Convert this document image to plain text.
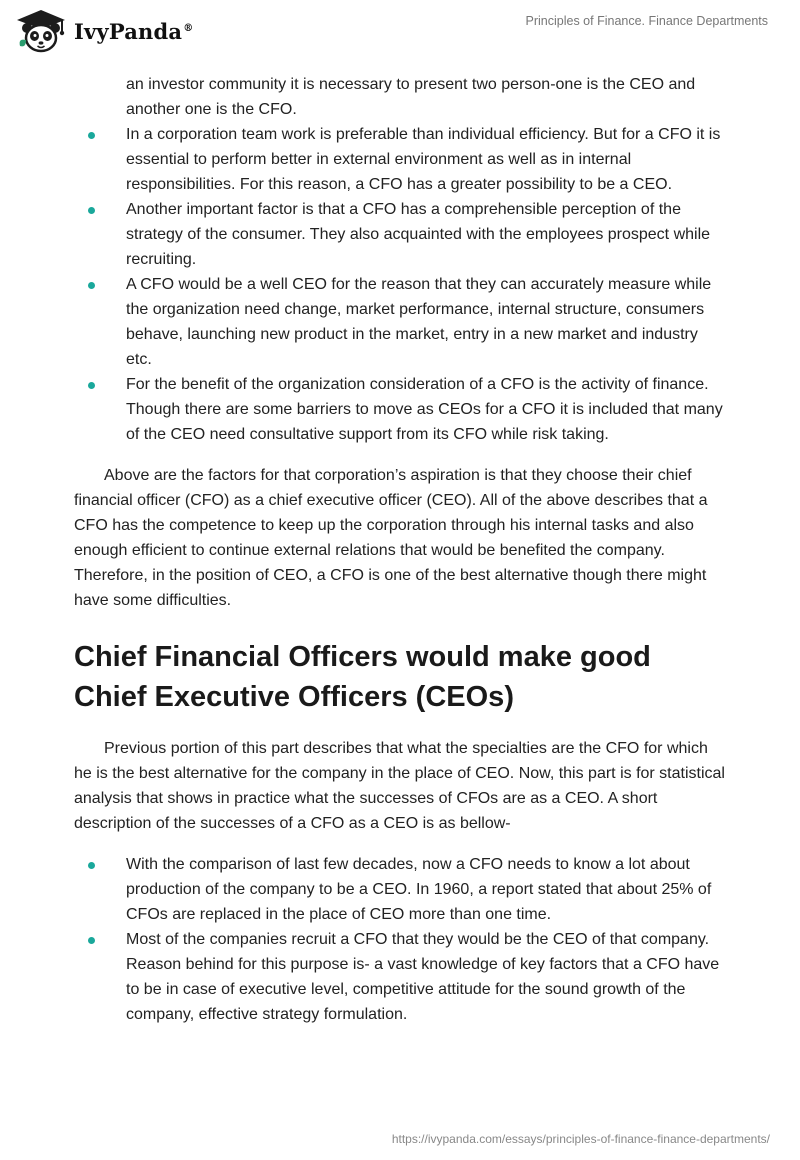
IvyPanda®	Principles of Finance. Finance Departments
an investor community it is necessary to present two person-one is the CEO and another one is the CFO.
In a corporation team work is preferable than individual efficiency. But for a CFO it is essential to perform better in external environment as well as in internal responsibilities. For this reason, a CFO has a greater possibility to be a CEO.
Another important factor is that a CFO has a comprehensible perception of the strategy of the consumer. They also acquainted with the employees prospect while recruiting.
A CFO would be a well CEO for the reason that they can accurately measure while the organization need change, market performance, internal structure, consumers behave, launching new product in the market, entry in a new market and industry etc.
For the benefit of the organization consideration of a CFO is the activity of finance. Though there are some barriers to move as CEOs for a CFO it is included that many of the CEO need consultative support from its CFO while risk taking.

Above are the factors for that corporation’s aspiration is that they choose their chief financial officer (CFO) as a chief executive officer (CEO). All of the above describes that a CFO has the competence to keep up the corporation through his internal tasks and also enough efficient to continue external relations that would be benefited the company. Therefore, in the position of CEO, a CFO is one of the best alternative though there might have some difficulties.

Chief Financial Officers would make good Chief Executive Officers (CEOs)

Previous portion of this part describes that what the specialties are the CFO for which he is the best alternative for the company in the place of CEO. Now, this part is for statistical analysis that shows in practice what the successes of CFOs are as a CEO. A short description of the successes of a CFO as a CEO is as bellow-

With the comparison of last few decades, now a CFO needs to know a lot about production of the company to be a CEO. In 1960, a report stated that about 25% of CFOs are replaced in the place of CEO more than one time.
Most of the companies recruit a CFO that they would be the CEO of that company. Reason behind for this purpose is- a vast knowledge of key factors that a CFO have to be in case of executive level, competitive attitude for the sound growth of the company, effective strategy formulation.
https://ivypanda.com/essays/principles-of-finance-finance-departments/
